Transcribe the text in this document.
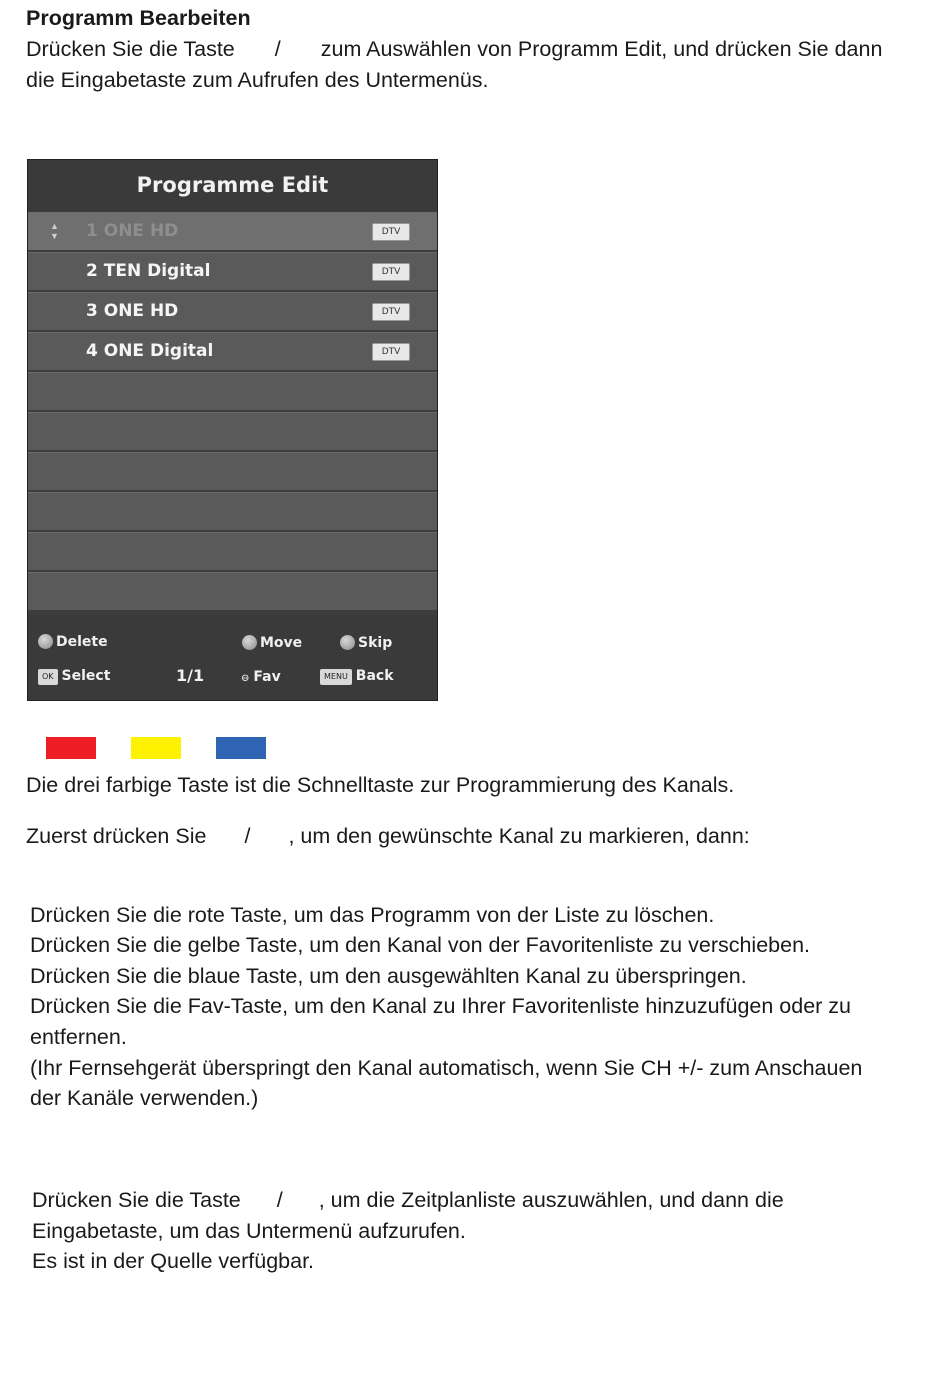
Programm Bearbeiten
Drücken Sie die Taste / zum Auswählen von Programm Edit, und drücken Sie dann
die Eingabetaste zum Aufrufen des Untermenüs.
Programme Edit
▲
▼ 1 ONE HD	DTV
2 TEN Digital	DTV
3 ONE HD	DTV
4 ONE Digital	DTV
Delete	Move	Skip
OK Select	1/1	⊖ Fav	MENU Back
Die drei farbige Taste ist die Schnelltaste zur Programmierung des Kanals.
Zuerst drücken Sie / , um den gewünschte Kanal zu markieren, dann:
Drücken Sie die rote Taste, um das Programm von der Liste zu löschen.
Drücken Sie die gelbe Taste, um den Kanal von der Favoritenliste zu verschieben.
Drücken Sie die blaue Taste, um den ausgewählten Kanal zu überspringen.
Drücken Sie die Fav-Taste, um den Kanal zu Ihrer Favoritenliste hinzuzufügen oder zu
entfernen.
(Ihr Fernsehgerät überspringt den Kanal automatisch, wenn Sie CH +/- zum Anschauen
der Kanäle verwenden.)
Drücken Sie die Taste / , um die Zeitplanliste auszuwählen, und dann die
Eingabetaste, um das Untermenü aufzurufen.
Es ist in der Quelle verfügbar.
